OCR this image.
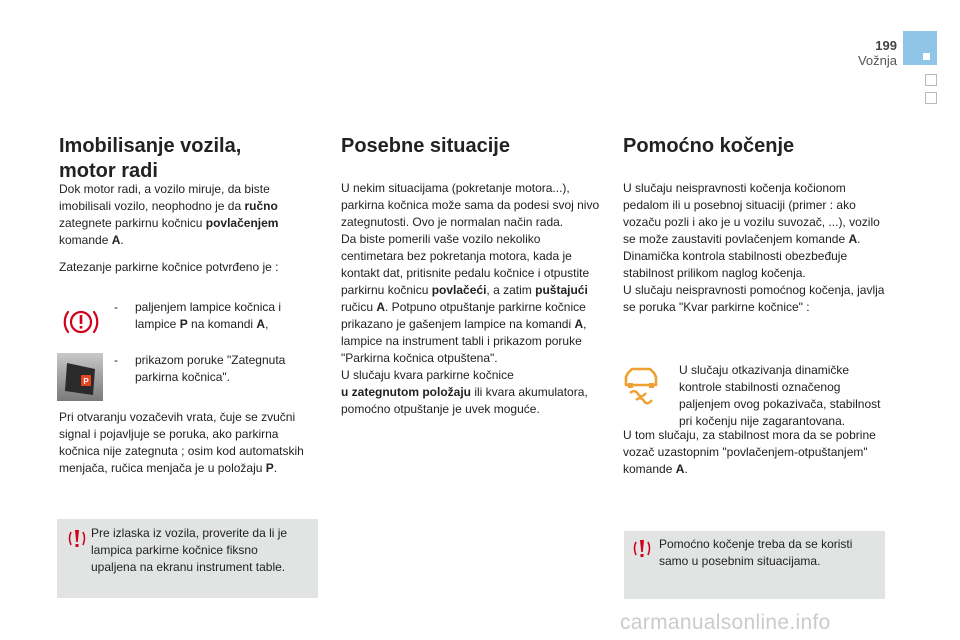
199
Vožnja
Imobilisanje vozila,
motor radi

Dok motor radi, a vozilo miruje, da biste imobilisali vozilo, neophodno je da ručno zategnete parkirnu kočnicu povlačenjem komande A.

Zatezanje parkirne kočnice potvrđeno je :

- paljenjem lampice kočnica i lampice P na komandi A,

P
- prikazom poruke "Zategnuta parkirna kočnica".

Pri otvaranju vozačevih vrata, čuje se zvučni signal i pojavljuje se poruka, ako parkirna kočnica nije zategnuta ; osim kod automatskih menjača, ručica menjača je u položaju P.

Pre izlaska iz vozila, proverite da li je lampica parkirne kočnice fiksno upaljena na ekranu instrument table.
Posebne situacije

U nekim situacijama (pokretanje motora...), parkirna kočnica može sama da podesi svoj nivo zategnutosti. Ovo je normalan način rada.
Da biste pomerili vaše vozilo nekoliko centimetara bez pokretanja motora, kada je kontakt dat, pritisnite pedalu kočnice i otpustite parkirnu kočnicu povlačeći, a zatim puštajući ručicu A. Potpuno otpuštanje parkirne kočnice prikazano je gašenjem lampice na komandi A, lampice na instrument tabli i prikazom poruke "Parkirna kočnica otpuštena".
U slučaju kvara parkirne kočnice
u zategnutom položaju ili kvara akumulatora, pomoćno otpuštanje je uvek moguće.

Pomoćno kočenje

U slučaju neispravnosti kočenja kočionom pedalom ili u posebnoj situaciji (primer : ako vozaču pozli i ako je u vozilu suvozač, ...), vozilo se može zaustaviti povlačenjem komande A.
Dinamička kontrola stabilnosti obezbeđuje stabilnost prilikom naglog kočenja.
U slučaju neispravnosti pomoćnog kočenja, javlja se poruka "Kvar parkirne kočnice" :

U slučaju otkazivanja dinamičke kontrole stabilnosti označenog paljenjem ovog pokazivača, stabilnost pri kočenju nije zagarantovana.

U tom slučaju, za stabilnost mora da se pobrine vozač uzastopnim "povlačenjem-otpuštanjem" komande A.

Pomoćno kočenje treba da se koristi samo u posebnim situacijama.
carmanualsonline.info
